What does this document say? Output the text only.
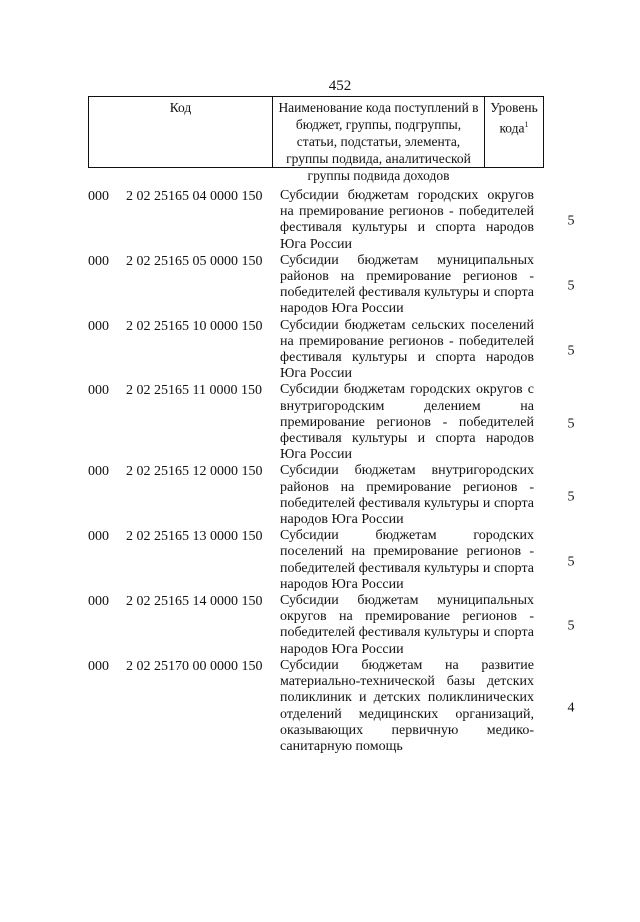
452
Код	Наименование кода поступлений в бюджет, группы, подгруппы, статьи, подстатьи, элемента, группы подвида, аналитической группы подвида доходов
Уровень кода$^1$
000 2 02 25165 04 0000 150 Субсидии бюджетам городских округов на премирование регионов - победителей фестиваля культуры и спорта народов Юга России
5
000 2 02 25165 05 0000 150 Субсидии бюджетам муниципальных районов на премирование регионов - победителей фестиваля культуры и спорта народов Юга России
5
000 2 02 25165 10 0000 150 Субсидии бюджетам сельских поселений на премирование регионов - победителей фестиваля культуры и спорта народов Юга России
5
000 2 02 25165 11 0000 150 Субсидии бюджетам городских округов с внутригородским делением на премирование регионов - победителей фестиваля культуры и спорта народов Юга России
5
000 2 02 25165 12 0000 150 Субсидии бюджетам внутригородских районов на премирование регионов - победителей фестиваля культуры и спорта народов Юга России
5
000 2 02 25165 13 0000 150 Субсидии бюджетам городских поселений на премирование регионов - победителей фестиваля культуры и спорта народов Юга России
5
000 2 02 25165 14 0000 150 Субсидии бюджетам муниципальных округов на премирование регионов - победителей фестиваля культуры и спорта народов Юга России
5
000 2 02 25170 00 0000 150 Субсидии бюджетам на развитие материально-технической базы детских поликлиник и детских поликлинических отделений медицинских организаций, оказывающих первичную медико-санитарную помощь
4
